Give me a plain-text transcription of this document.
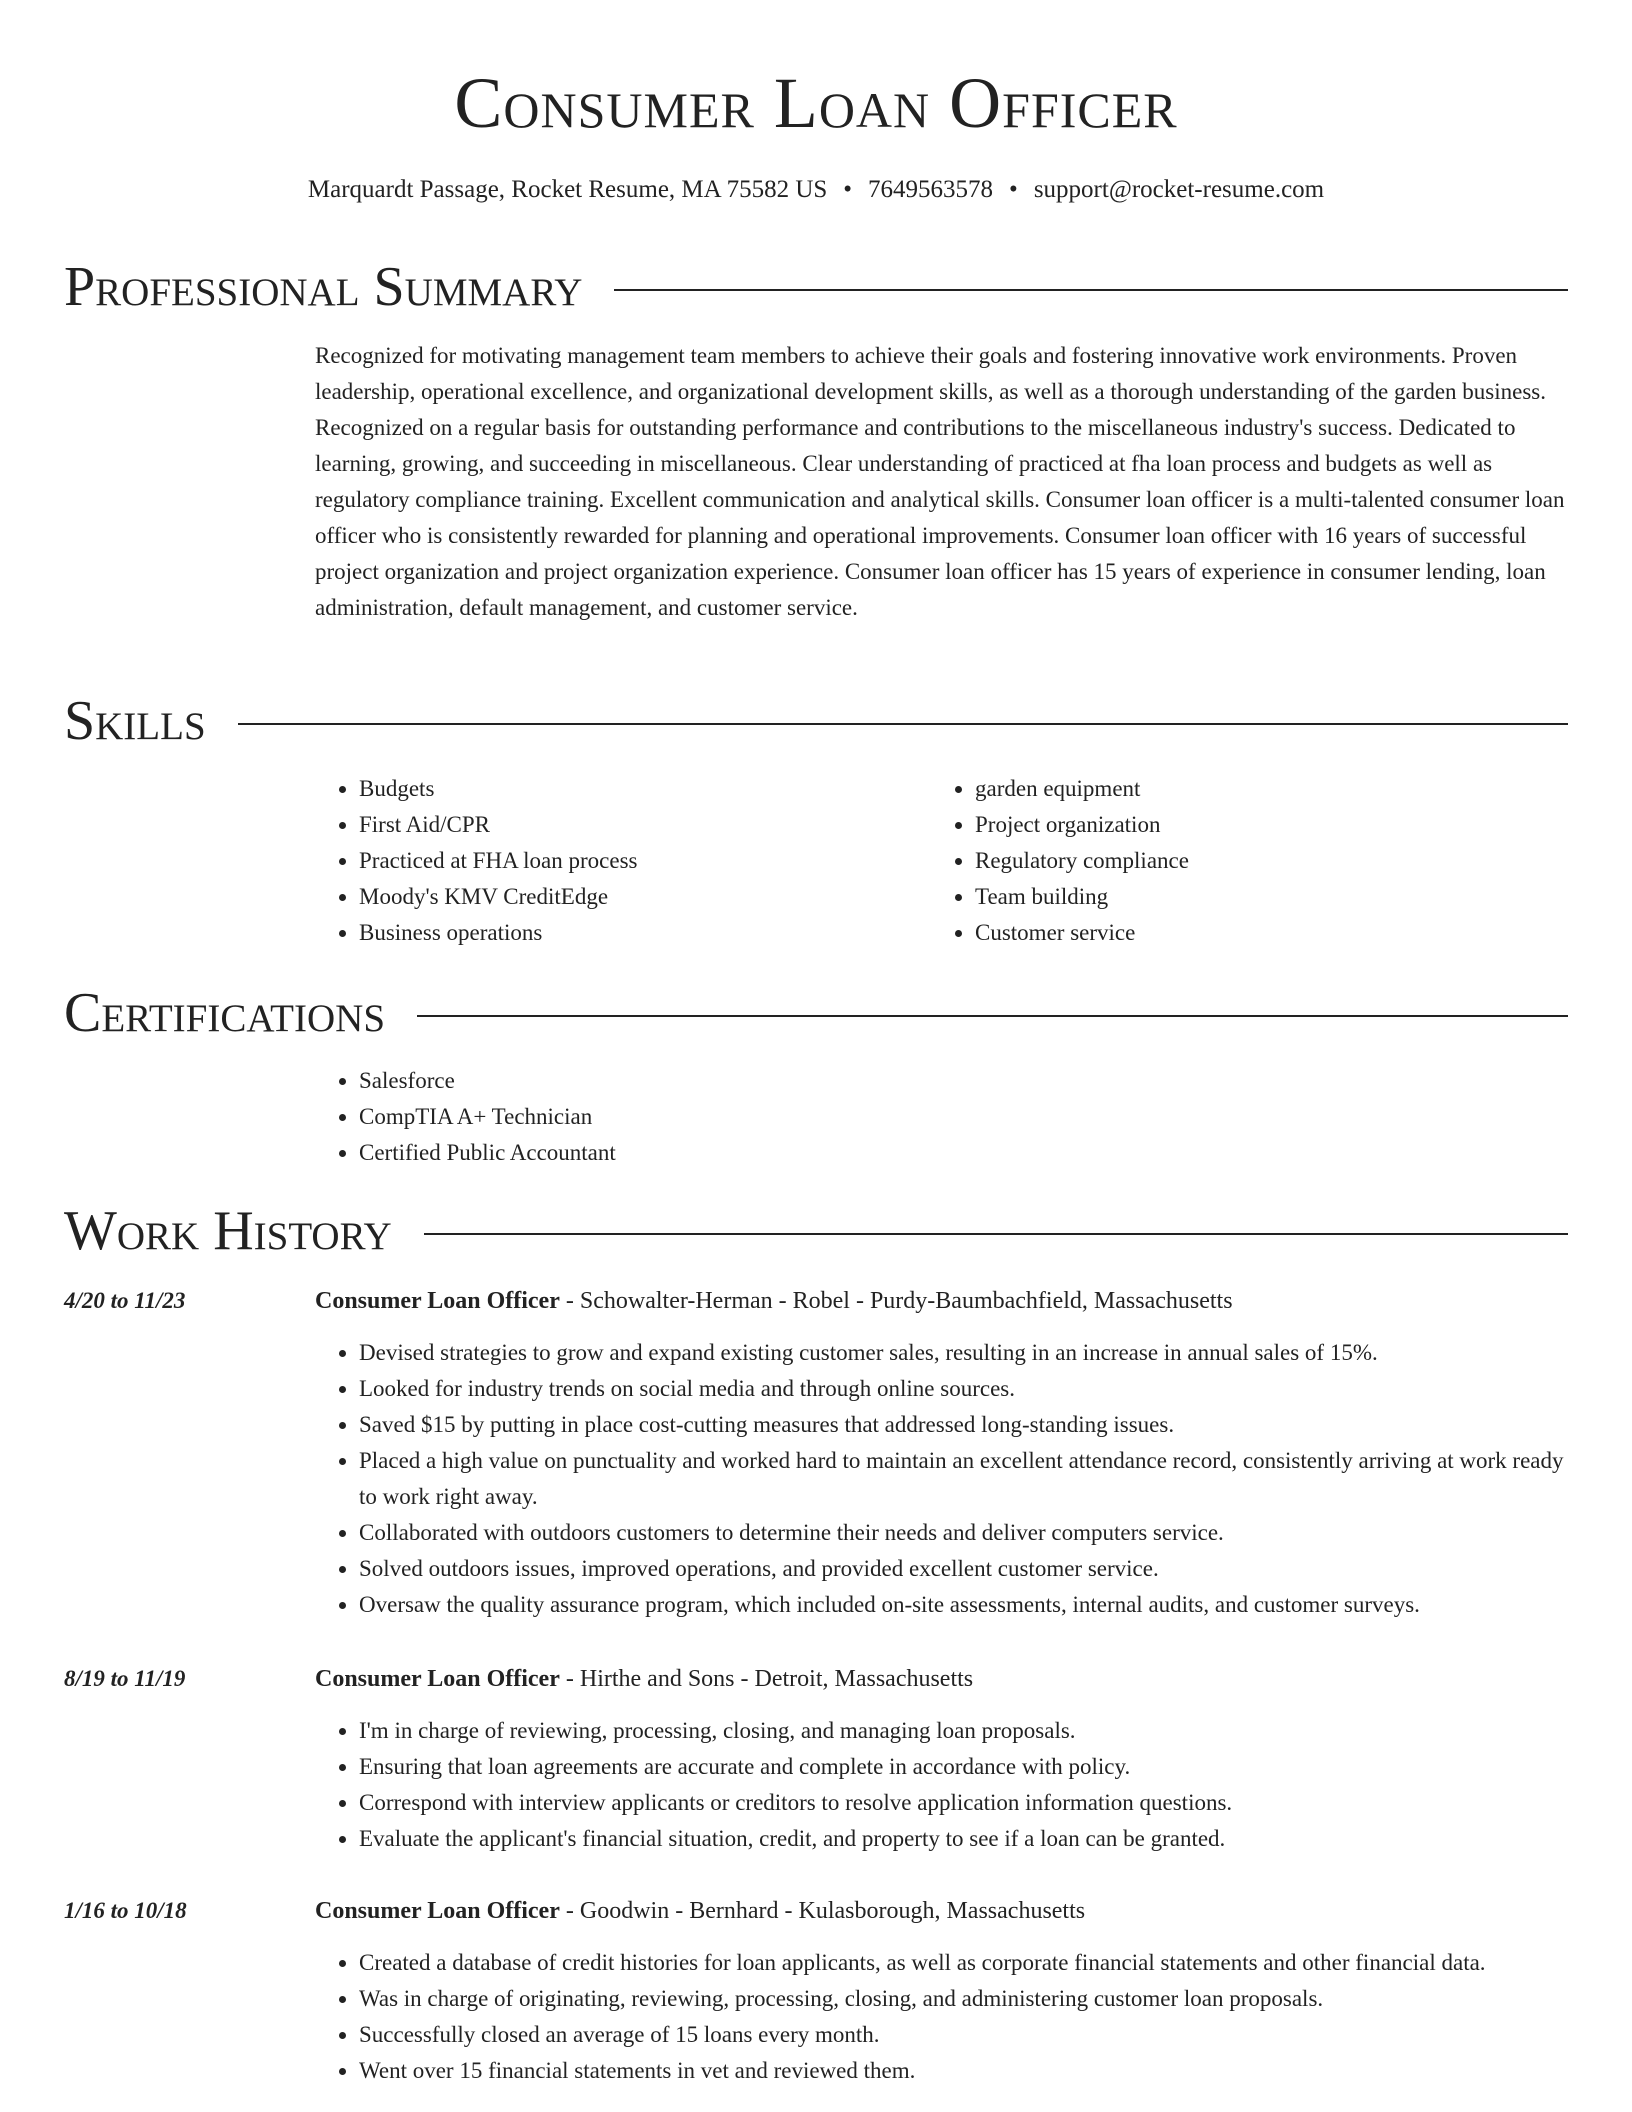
Consumer Loan Officer
Marquardt Passage, Rocket Resume, MA 75582 US • 7649563578 • support@rocket-resume.com
Professional Summary
Recognized for motivating management team members to achieve their goals and fostering innovative work environments. Proven leadership, operational excellence, and organizational development skills, as well as a thorough understanding of the garden business. Recognized on a regular basis for outstanding performance and contributions to the miscellaneous industry's success. Dedicated to learning, growing, and succeeding in miscellaneous. Clear understanding of practiced at fha loan process and budgets as well as regulatory compliance training. Excellent communication and analytical skills. Consumer loan officer is a multi-talented consumer loan officer who is consistently rewarded for planning and operational improvements. Consumer loan officer with 16 years of successful project organization and project organization experience. Consumer loan officer has 15 years of experience in consumer lending, loan administration, default management, and customer service.
Skills
• Budgets
• First Aid/CPR
• Practiced at FHA loan process
• Moody's KMV CreditEdge
• Business operations
• garden equipment
• Project organization
• Regulatory compliance
• Team building
• Customer service
Certifications
• Salesforce
• CompTIA A+ Technician
• Certified Public Accountant
Work History
4/20 to 11/23	Consumer Loan Officer - Schowalter-Herman - Robel - Purdy-Baumbachfield, Massachusetts
• Devised strategies to grow and expand existing customer sales, resulting in an increase in annual sales of 15%.
• Looked for industry trends on social media and through online sources.
• Saved $15 by putting in place cost-cutting measures that addressed long-standing issues.
• Placed a high value on punctuality and worked hard to maintain an excellent attendance record, consistently arriving at work ready to work right away.
• Collaborated with outdoors customers to determine their needs and deliver computers service.
• Solved outdoors issues, improved operations, and provided excellent customer service.
• Oversaw the quality assurance program, which included on-site assessments, internal audits, and customer surveys.
8/19 to 11/19	Consumer Loan Officer - Hirthe and Sons - Detroit, Massachusetts
• I'm in charge of reviewing, processing, closing, and managing loan proposals.
• Ensuring that loan agreements are accurate and complete in accordance with policy.
• Correspond with interview applicants or creditors to resolve application information questions.
• Evaluate the applicant's financial situation, credit, and property to see if a loan can be granted.
1/16 to 10/18	Consumer Loan Officer - Goodwin - Bernhard - Kulasborough, Massachusetts
• Created a database of credit histories for loan applicants, as well as corporate financial statements and other financial data.
• Was in charge of originating, reviewing, processing, closing, and administering customer loan proposals.
• Successfully closed an average of 15 loans every month.
• Went over 15 financial statements in vet and reviewed them.
